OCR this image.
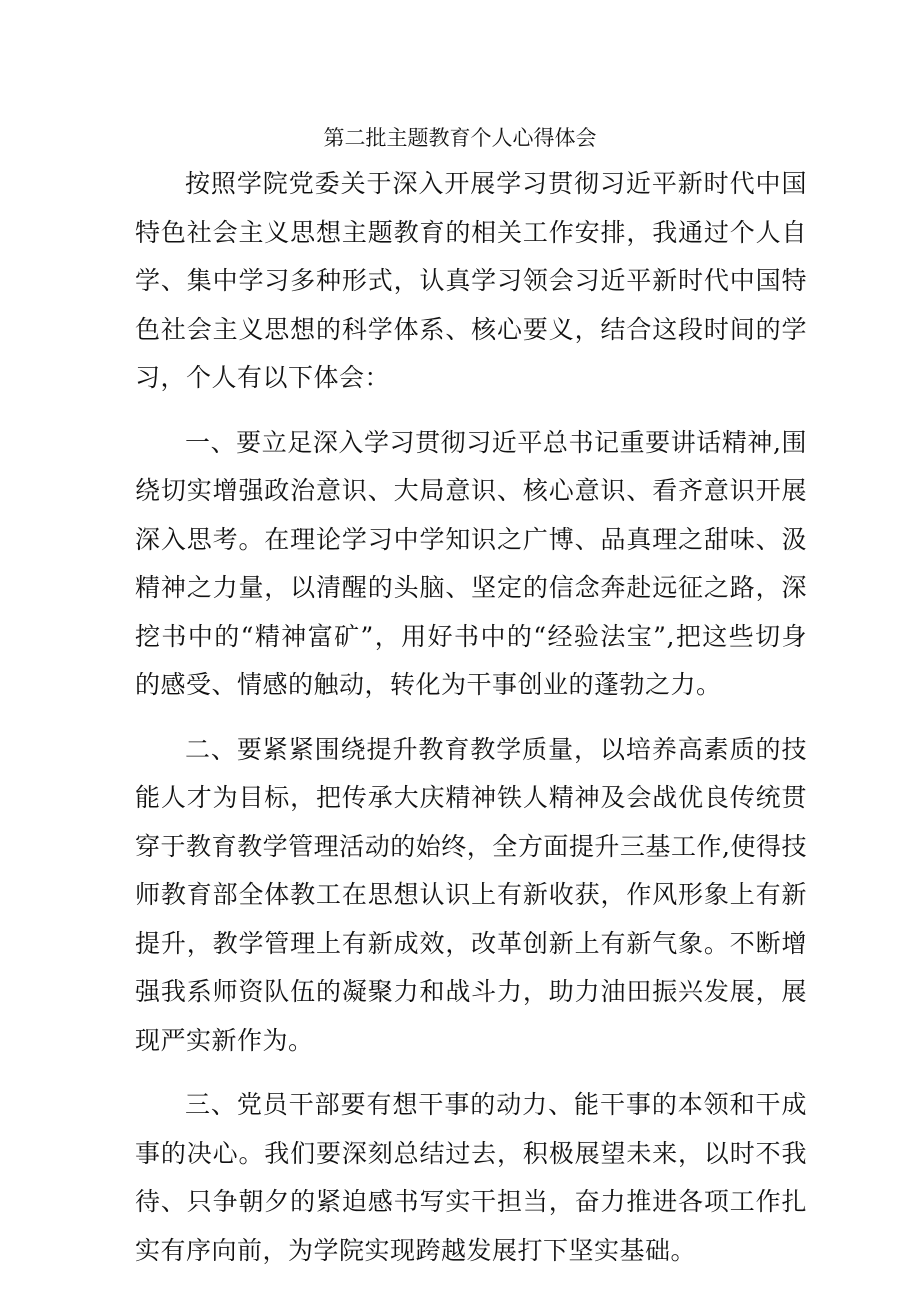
第二批主题教育个人心得体会

按照学院党委关于深入开展学习贯彻习近平新时代中国特色社会主义思想主题教育的相关工作安排，我通过个人自学、集中学习多种形式，认真学习领会习近平新时代中国特色社会主义思想的科学体系、核心要义，结合这段时间的学习，个人有以下体会：

一、要立足深入学习贯彻习近平总书记重要讲话精神,围绕切实增强政治意识、大局意识、核心意识、看齐意识开展深入思考。在理论学习中学知识之广博、品真理之甜味、汲精神之力量，以清醒的头脑、坚定的信念奔赴远征之路，深挖书中的“精神富矿”，用好书中的“经验法宝”,把这些切身的感受、情感的触动，转化为干事创业的蓬勃之力。

二、要紧紧围绕提升教育教学质量，以培养高素质的技能人才为目标，把传承大庆精神铁人精神及会战优良传统贯穿于教育教学管理活动的始终，全方面提升三基工作,使得技师教育部全体教工在思想认识上有新收获，作风形象上有新提升，教学管理上有新成效，改革创新上有新气象。不断增强我系师资队伍的凝聚力和战斗力，助力油田振兴发展，展现严实新作为。

三、党员干部要有想干事的动力、能干事的本领和干成事的决心。我们要深刻总结过去，积极展望未来，以时不我待、只争朝夕的紧迫感书写实干担当，奋力推进各项工作扎实有序向前，为学院实现跨越发展打下坚实基础。
